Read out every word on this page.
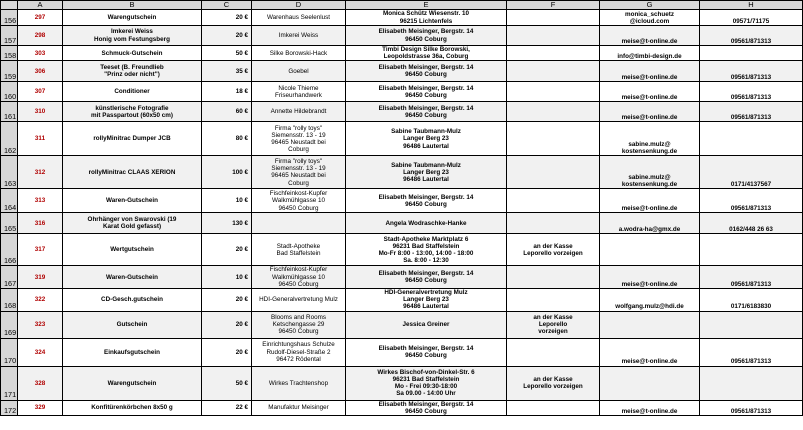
	A	B	C	D	E	F	G	H
156	297	Warengutschein	20 €	Warenhaus Seelenlust	Monica Schütz Wiesenstr. 10
96215 Lichtenfels		monica_schuetz
@icloud.com	09571/71175
157	298	Imkerei Weiss
Honig vom Festungsberg	20 €	Imkerei Weiss	Elisabeth Meisinger, Bergstr. 14
96450 Coburg		meise@t-online.de	09561/871313
158	303	Schmuck-Gutschein	50 €	Silke Borowski-Hack	Timbi Design Silke Borowski,
Leopoldstrasse 36a, Coburg		info@timbi-design.de	
159	306	Teeset (B. Freundlieb
"Prinz oder nicht")	35 €	Goebel	Elisabeth Meisinger, Bergstr. 14
96450 Coburg		meise@t-online.de	09561/871313
160	307	Conditioner	18 €	Nicole Thieme
Friseurhandwerk	Elisabeth Meisinger, Bergstr. 14
96450 Coburg		meise@t-online.de	09561/871313
161	310	künstlerische Fotografie
mit Passpartout (60x50 cm)	60 €	Annette Hildebrandt	Elisabeth Meisinger, Bergstr. 14
96450 Coburg		meise@t-online.de	09561/871313
162	311	rollyMinitrac Dumper JCB	80 €	Firma "rolly toys"
Siemensstr. 13 - 19
96465 Neustadt bei
Coburg	Sabine Taubmann-Mulz
Langer Berg 23
96486 Lautertal		sabine.mulz@
kostensenkung.de	
163	312	rollyMinitrac CLAAS XERION	100 €	Firma "rolly toys"
Siemensstr. 13 - 19
96465 Neustadt bei
Coburg	Sabine Taubmann-Mulz
Langer Berg 23
96486 Lautertal		sabine.mulz@
kostensenkung.de	0171/4137567
164	313	Waren-Gutschein	10 €	Fischfeinkost-Kupfer
Walkmühlgasse 10
96450 Coburg	Elisabeth Meisinger, Bergstr. 14
96450 Coburg		meise@t-online.de	09561/871313
165	316	Ohrhänger von Swarovski (19
Karat Gold gefasst)	130 €		Angela Wodraschke-Hanke		a.wodra-ha@gmx.de	0162/448 26 63
166	317	Wertgutschein	20 €	Stadt-Apotheke
Bad Staffelstein	Stadt-Apotheke Marktplatz 6
96231 Bad Staffelstein
Mo-Fr 8:00 - 13:00, 14:00 - 18:00
Sa. 8:00 - 12:30	an der Kasse
Leporello vorzeigen		
167	319	Waren-Gutschein	10 €	Fischfeinkost-Kupfer
Walkmühlgasse 10
96450 Coburg	Elisabeth Meisinger, Bergstr. 14
96450 Coburg		meise@t-online.de	09561/871313
168	322	CD-Gesch.gutschein	20 €	HDI-Generalvertretung Mulz	HDI-Generalvertretung Mulz
Langer Berg 23
96486 Lautertal		wolfgang.mulz@hdi.de	0171/6183830
169	323	Gutschein	20 €	Blooms and Rooms
Ketschengasse 29
96450 Coburg	Jessica Greiner	an der Kasse
Leporello
vorzeigen		
170	324	Einkaufsgutschein	20 €	Einrichtungshaus Schulze
Rudolf-Diesel-Straße 2
96472 Rödental	Elisabeth Meisinger, Bergstr. 14
96450 Coburg		meise@t-online.de	09561/871313
171	328	Warengutschein	50 €	Wirkes Trachtenshop	Wirkes Bischof-von-Dinkel-Str. 6
96231 Bad Staffelstein
Mo - Frei 09:30-18:00
Sa 09.00 - 14:00 Uhr	an der Kasse
Leporello vorzeigen		
172	329	Konfitürenkörbchen 8x50 g	22 €	Manufaktur Meisinger	Elisabeth Meisinger, Bergstr. 14
96450 Coburg		meise@t-online.de	09561/871313
